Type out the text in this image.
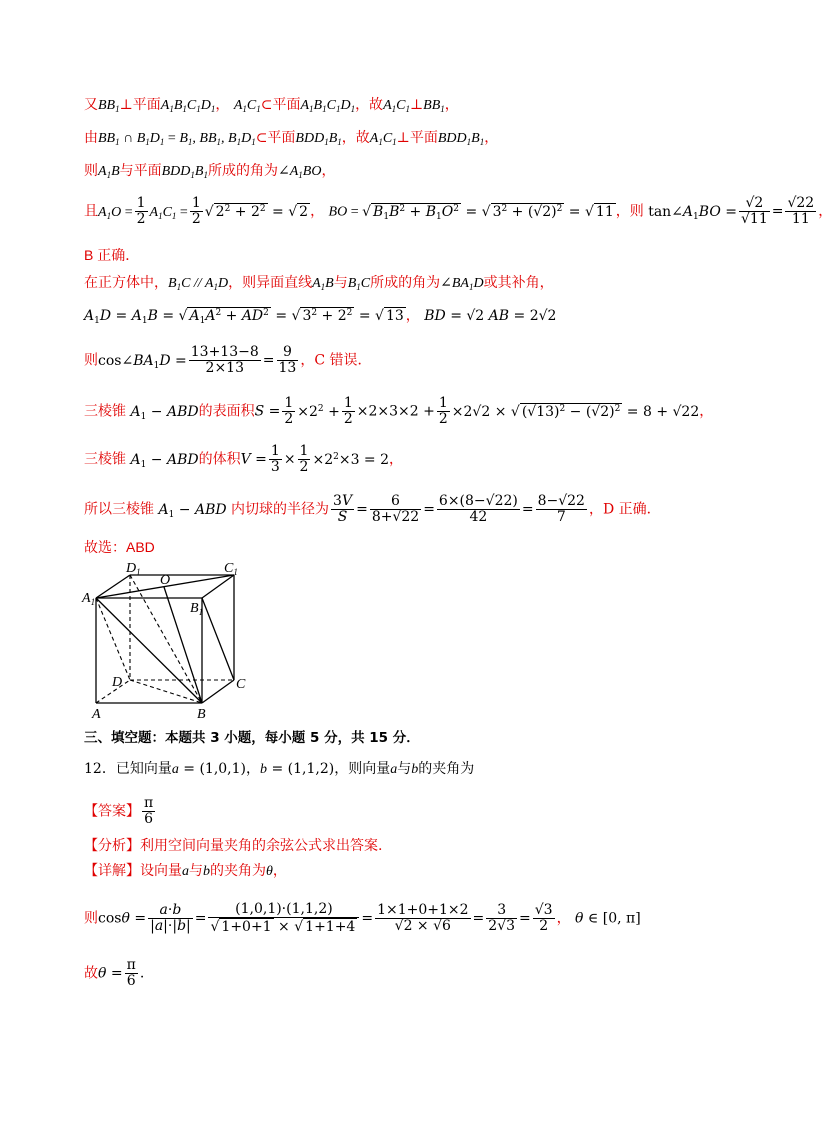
又$BB_1\perp$平面$A_1B_1C_1D_1$， $A_1C_1\subset$平面$A_1B_1C_1D_1$，故$A_1C_1\perp BB_1$，
由$BB_1$ ∩ $B_1D_1 = B_1$, $BB_1$, $B_1D_1\subset$平面$BDD_1B_1$，故$A_1C_1\perp$平面$BDD_1B_1$，
则$A_1B$与平面$BDD_1B_1$所成的角为$\angle A_1BO$，
且$A_1O = \frac{1}{2} A_1C_1 = \frac{1}{2}$ √ $2^2 + 2^2$ = √ 2 ， BO = √ $B_1B^2 + B_1O^2$ = √ $3^2 + (√2)^2$ = √ 11 ，则 $\tan\angle A_1BO = \frac{√2}{√11} = \frac{√22}{11}$ ，
B 正确．
在正方体中，$B_1C // A_1D$，则异面直线$A_1B$与$B_1C$所成的角为$\angle BA_1D$或其补角，
$A_1D = A_1B$ = √ $A_1A^2 + AD^2$ = √ $3^2 + 2^2$ = √ 13 ， BD = √2 AB = 2√2
则$\cos\angle BA_1D = \frac{13+13-8}{2\times 13} = \frac{9}{13}$ ，C 错误．
三棱锥 $A_1$ − ABD的表面积$S = \frac{1}{2} \times 2^2 + \frac{1}{2} \times 2\times 3\times 2 + \frac{1}{2} \times 2√2$ × √ $(√13)^2 - (√2)^2 = 8 + √22$，
三棱锥 $A_1$ − ABD的体积$V = \frac{1}{3} \times \frac{1}{2} \times 2^2\times 3 = 2$，
所以三棱锥 $A_1$ − ABD 内切球的半径为 $\frac{3V}{S} = \frac{6}{8+√22} = \frac{6\times(8-√22)}{42} = \frac{8-√22}{7}$ ，D 正确．
故选：ABD
$D_1$	$C_1$
O
$A_1$	$B_1$
D	C
A	B
三、填空题：本题共 3 小题，每小题 5 分，共 15 分．
12．已知向量a = (1,0,1)，b = (1,1,2)，则向量a与b的夹角为
【答案】 $\frac{\pi}{6}$
【分析】利用空间向量夹角的余弦公式求出答案.
【详解】设向量a与b的夹角为θ，
则$\cos\theta = \frac{a\cdot b}{|a|\cdot|b|} = \frac{(1,0,1)\cdot(1,1,2)}{√ 1+0+1 \times √ 1+1+4} = \frac{1\times 1+0+1\times 2}{√2 \times √6} = \frac{3}{2√3} = \frac{√3}{2}$ ， θ ∈ [0, π]
故$\theta = \frac{\pi}{6}$ .
